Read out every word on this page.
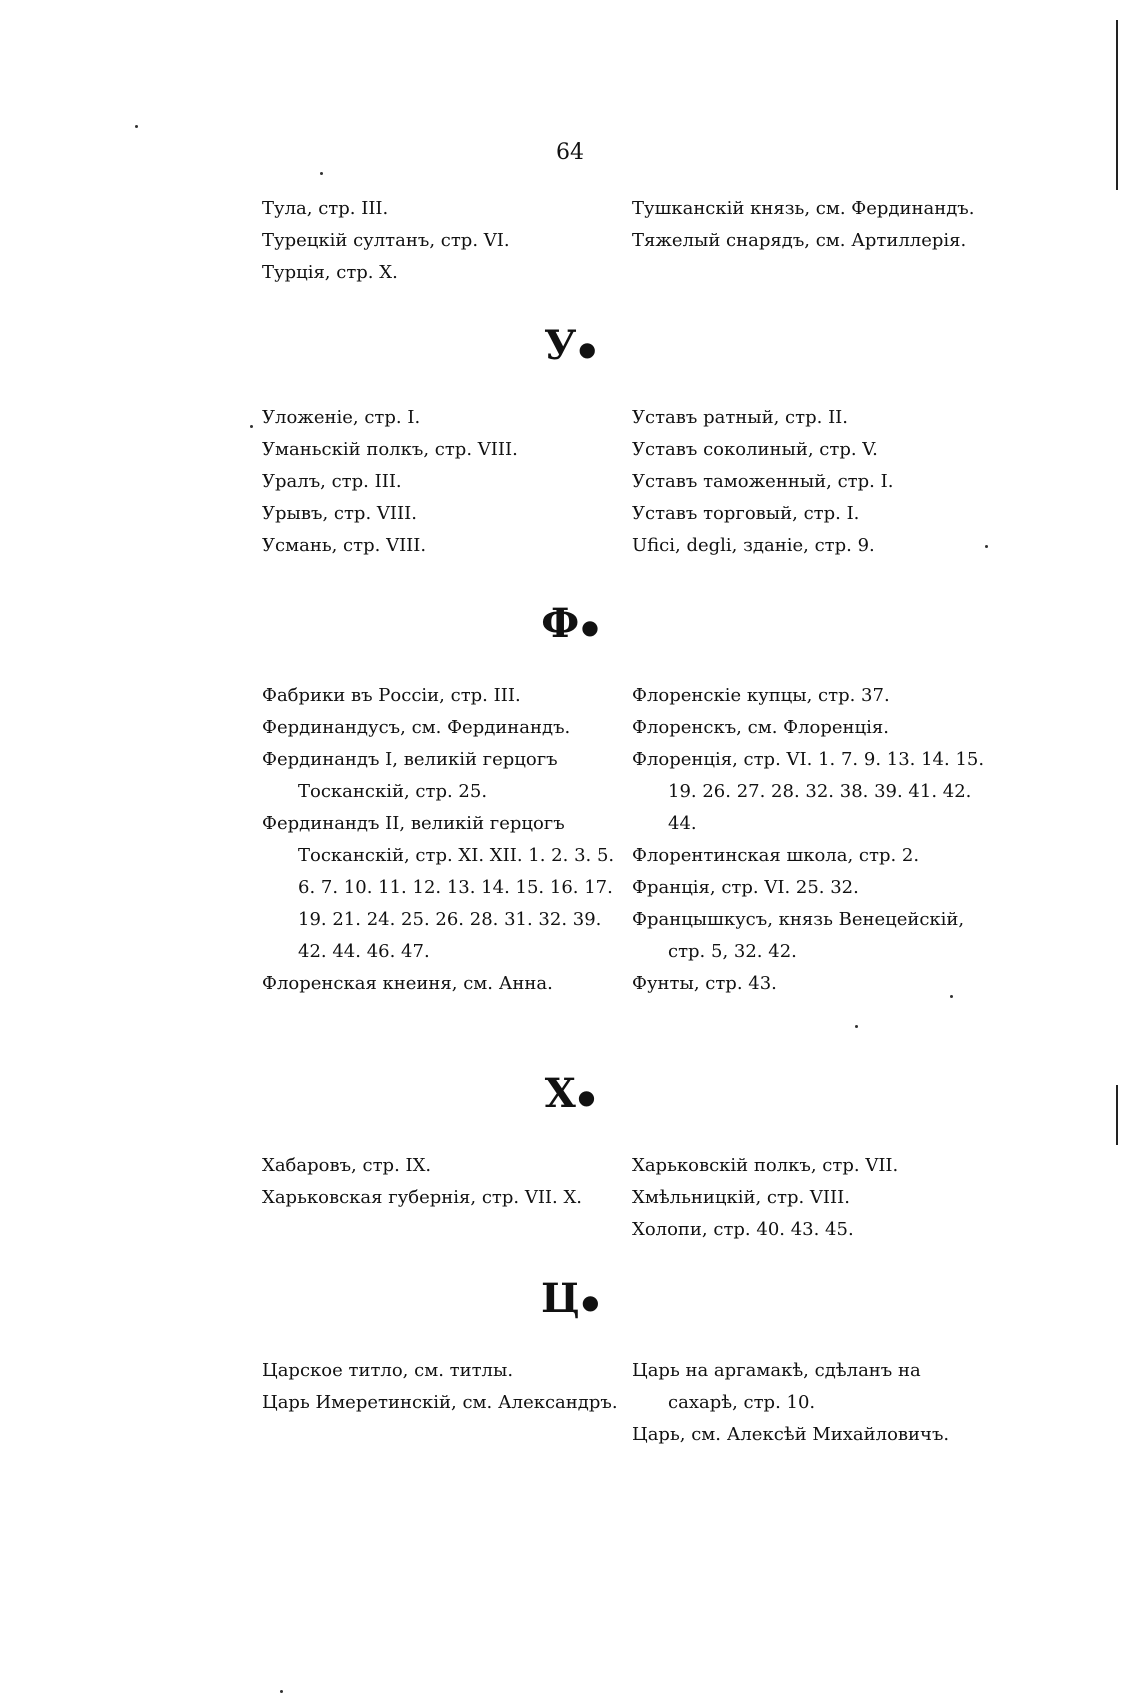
64
Тула, стр. III.
Турецкій султанъ, стр. VI.
Турція, стр. X.
Тушканскій князь, см. Фердинандъ.
Тяжелый снарядъ, см. Артиллерія.
У ●
Уложеніе, стр. I.
Уманьскій полкъ, стр. VIII.
Уралъ, стр. III.
Урывъ, стр. VIII.
Усмань, стр. VIII.
Уставъ ратный, стр. II.
Уставъ соколиный, стр. V.
Уставъ таможенный, стр. I.
Уставъ торговый, стр. I.
Ufici, degli, зданіе, стр. 9.
Ф ●
Фабрики въ Россіи, стр. III.
Фердинандусъ, см. Фердинандъ.
Фердинандъ I, великій герцогъ Тосканскій, стр. 25.
Фердинандъ II, великій герцогъ Тосканскій, стр. XI. XII. 1. 2. 3. 5. 6. 7. 10. 11. 12. 13. 14. 15. 16. 17. 19. 21. 24. 25. 26. 28. 31. 32. 39. 42. 44. 46. 47.
Флоренская кнеиня, см. Анна.
Флоренскіе купцы, стр. 37.
Флоренскъ, см. Флоренція.
Флоренція, стр. VI. 1. 7. 9. 13. 14. 15. 19. 26. 27. 28. 32. 38. 39. 41. 42. 44.
Флорентинская школа, стр. 2.
Франція, стр. VI. 25. 32.
Францышкусъ, князь Венецейскій, стр. 5, 32. 42.
Фунты, стр. 43.
Х ●
Хабаровъ, стр. IX.
Харьковская губернія, стр. VII. X.
Харьковскій полкъ, стр. VII.
Хмѣльницкій, стр. VIII.
Холопи, стр. 40. 43. 45.
Ц ●
Царское титло, см. титлы.
Царь Имеретинскій, см. Александръ.
Царь на аргамакѣ, сдѣланъ на сахарѣ, стр. 10.
Царь, см. Алексѣй Михайловичъ.
